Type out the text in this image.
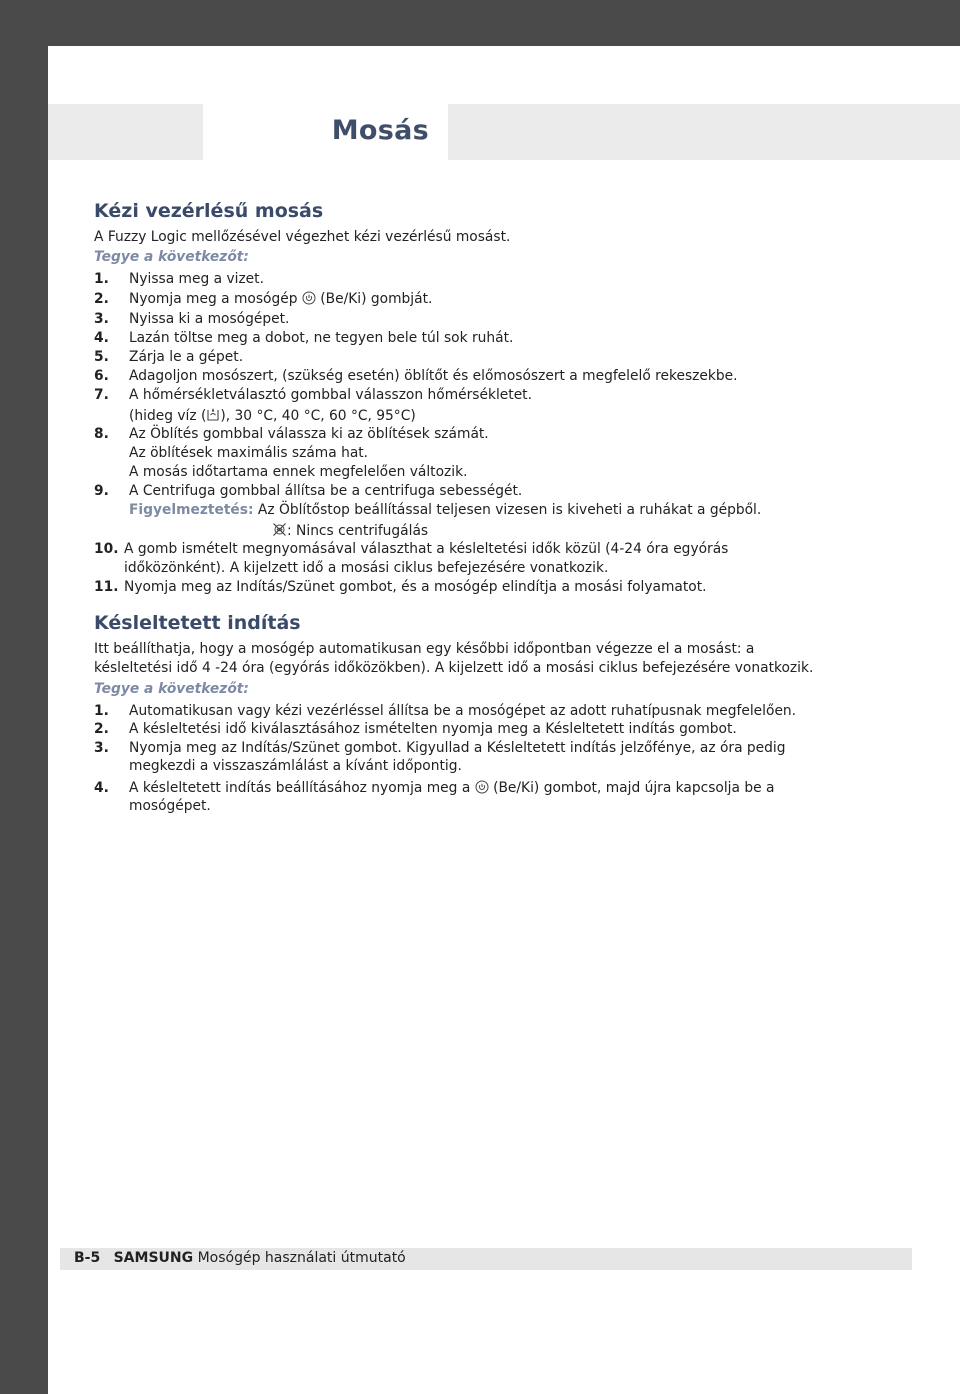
Mosás
Kézi vezérlésű mosás
A Fuzzy Logic mellőzésével végezhet kézi vezérlésű mosást.
Tegye a következőt:
1. Nyissa meg a vizet.
2. Nyomja meg a mosógép (Be/Ki) gombját.
3. Nyissa ki a mosógépet.
4. Lazán töltse meg a dobot, ne tegyen bele túl sok ruhát.
5. Zárja le a gépet.
6. Adagoljon mosószert, (szükség esetén) öblítőt és előmosószert a megfelelő rekeszekbe.
7. A hőmérsékletválasztó gombbal válasszon hőmérsékletet.
(hideg víz ( ), 30 °C, 40 °C, 60 °C, 95°C)
8. Az Öblítés gombbal válassza ki az öblítések számát.
Az öblítések maximális száma hat.
A mosás időtartama ennek megfelelően változik.
9. A Centrifuga gombbal állítsa be a centrifuga sebességét.
Figyelmeztetés: Az Öblítőstop beállítással teljesen vizesen is kiveheti a ruhákat a gépből.
: Nincs centrifugálás
10. A gomb ismételt megnyomásával választhat a késleltetési idők közül (4-24 óra egyórás
időközönként). A kijelzett idő a mosási ciklus befejezésére vonatkozik.
11. Nyomja meg az Indítás/Szünet gombot, és a mosógép elindítja a mosási folyamatot.
Késleltetett indítás
Itt beállíthatja, hogy a mosógép automatikusan egy későbbi időpontban végezze el a mosást: a
késleltetési idő 4 -24 óra (egyórás időközökben). A kijelzett idő a mosási ciklus befejezésére vonatkozik.
Tegye a következőt:
1. Automatikusan vagy kézi vezérléssel állítsa be a mosógépet az adott ruhatípusnak megfelelően.
2. A késleltetési idő kiválasztásához ismételten nyomja meg a Késleltetett indítás gombot.
3. Nyomja meg az Indítás/Szünet gombot. Kigyullad a Késleltetett indítás jelzőfénye, az óra pedig
megkezdi a visszaszámlálást a kívánt időpontig.
4. A késleltetett indítás beállításához nyomja meg a (Be/Ki) gombot, majd újra kapcsolja be a
mosógépet.
B-5 SAMSUNG Mosógép használati útmutató
